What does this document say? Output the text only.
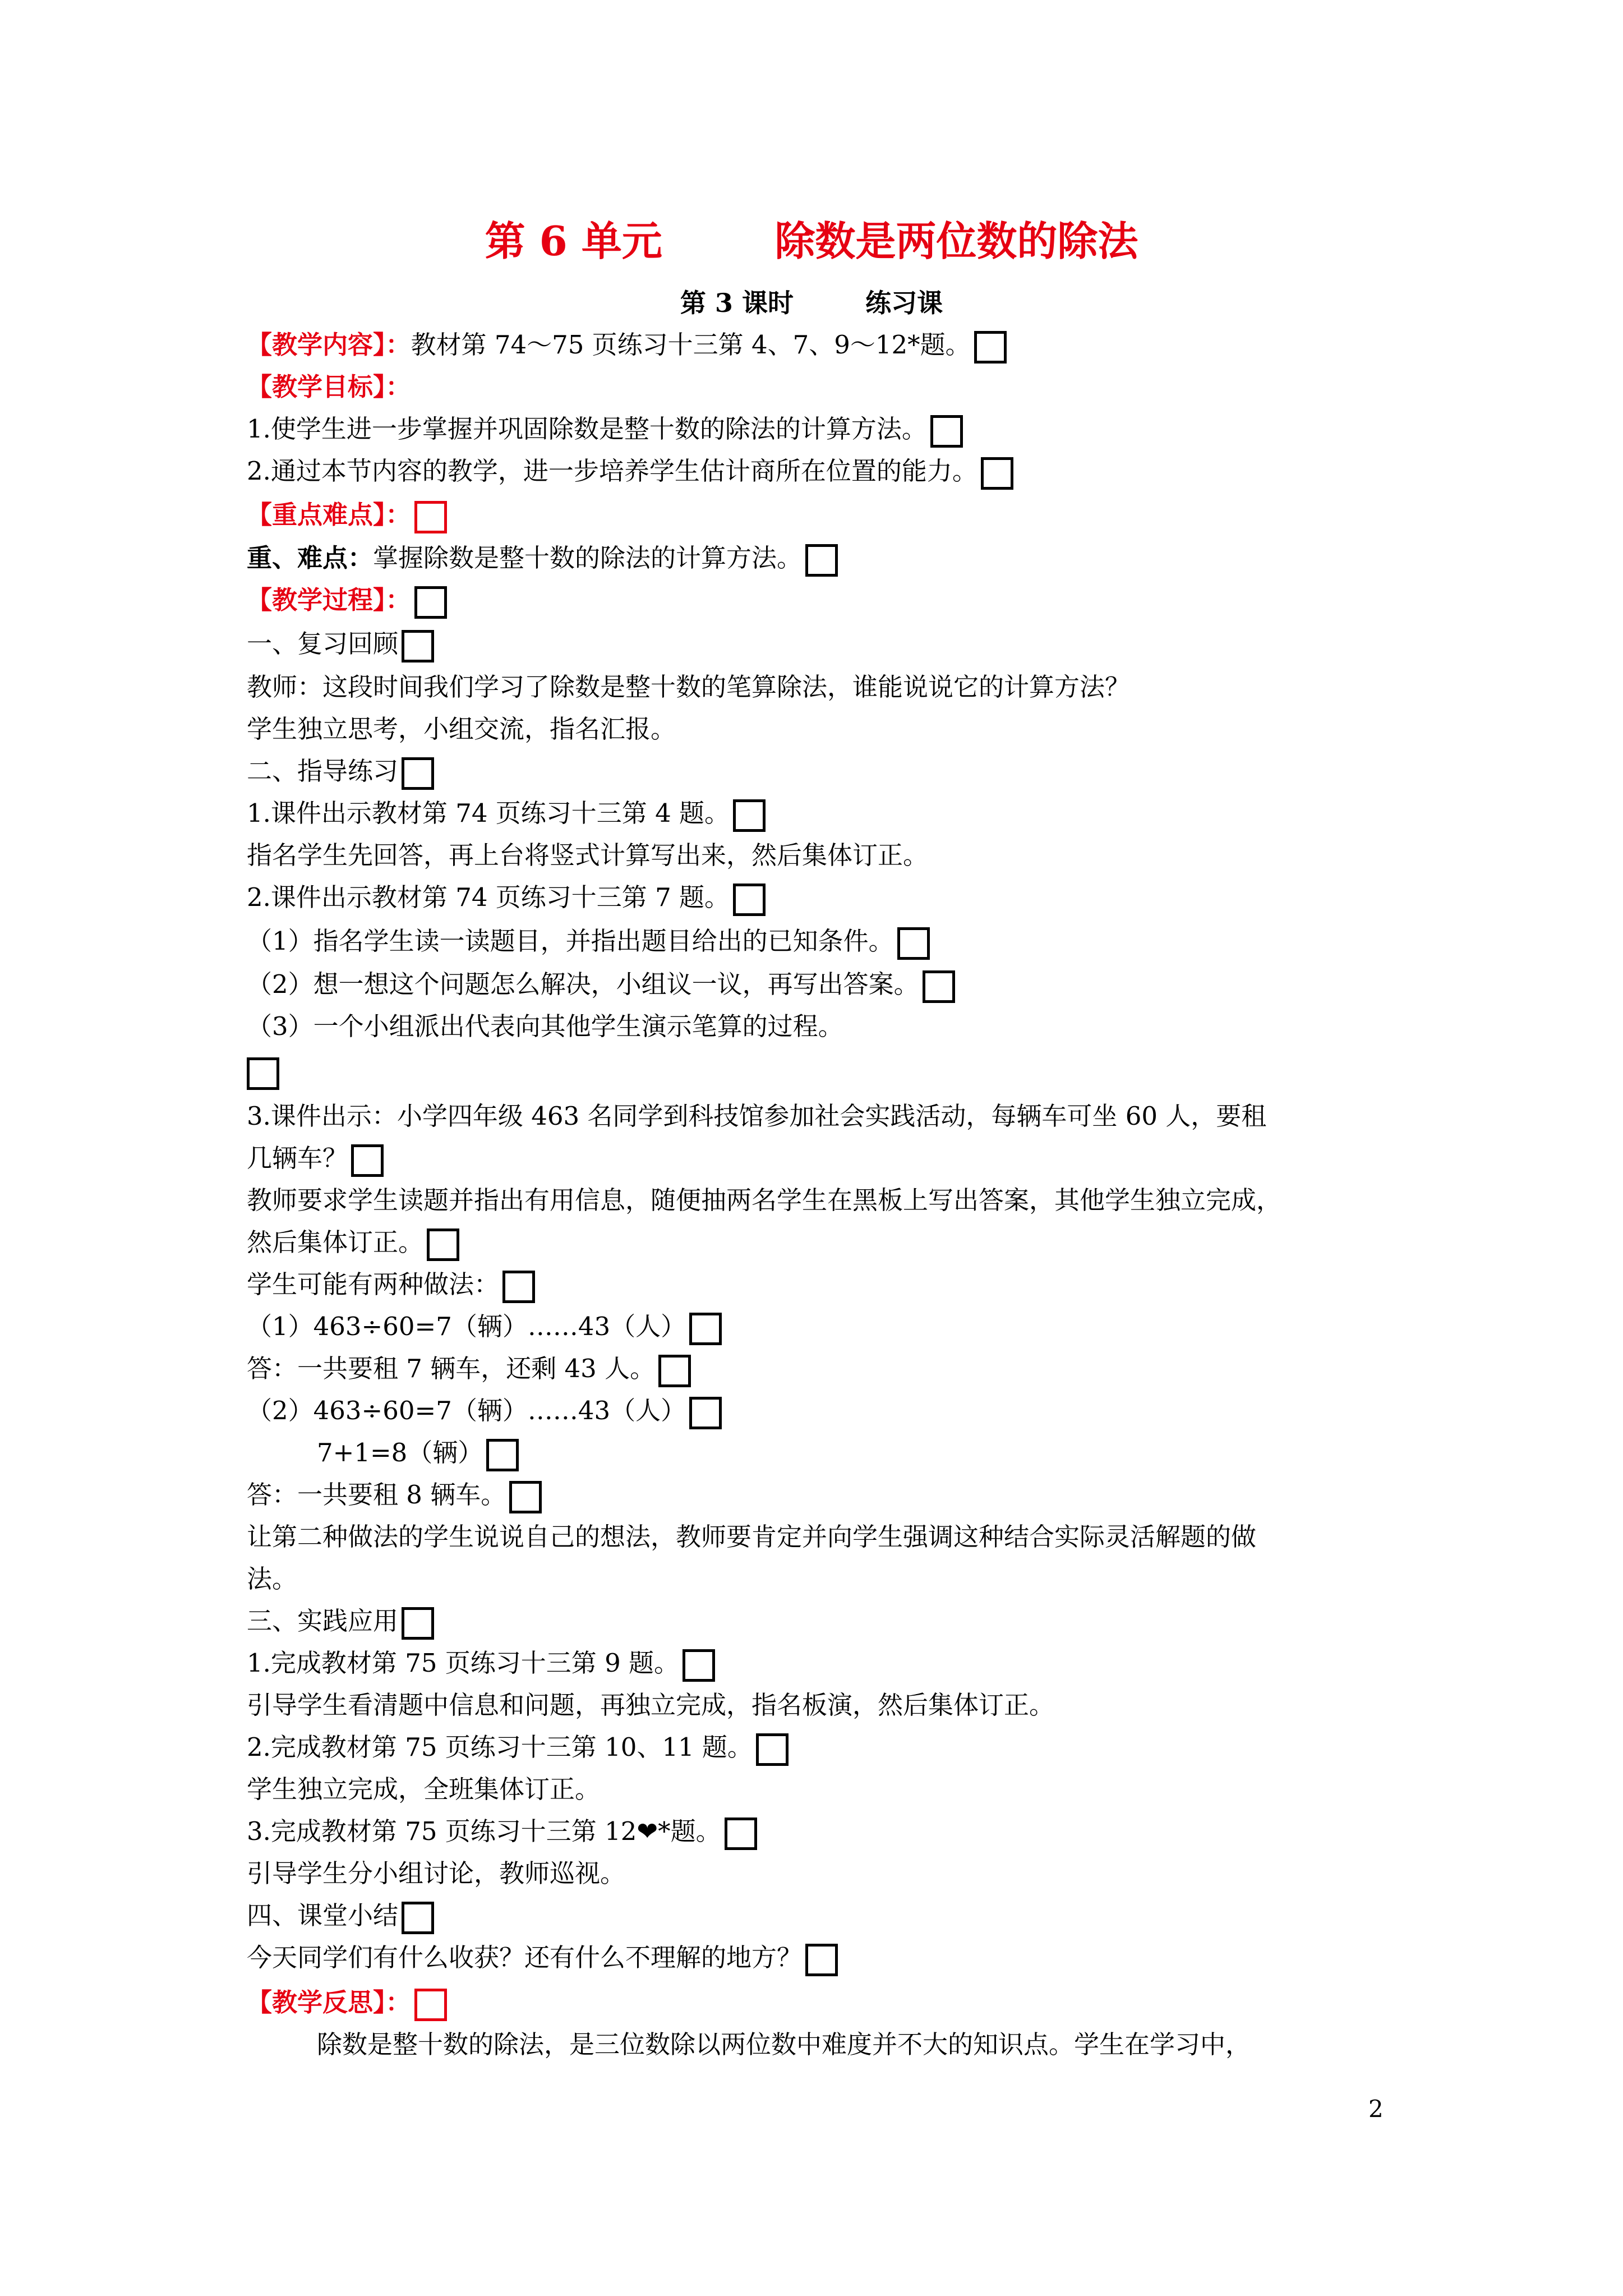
第 6 单元        除数是两位数的除法
第 3 课时        练习课
【教学内容】：教材第 74～75 页练习十三第 4、7、9～12*题。
【教学目标】：
1.使学生进一步掌握并巩固除数是整十数的除法的计算方法。
2.通过本节内容的教学，进一步培养学生估计商所在位置的能力。
【重点难点】：
重、难点：掌握除数是整十数的除法的计算方法。
【教学过程】：
一、复习回顾
教师：这段时间我们学习了除数是整十数的笔算除法，谁能说说它的计算方法？
学生独立思考，小组交流，指名汇报。
二、指导练习
1.课件出示教材第 74 页练习十三第 4 题。
指名学生先回答，再上台将竖式计算写出来，然后集体订正。
2.课件出示教材第 74 页练习十三第 7 题。
（1）指名学生读一读题目，并指出题目给出的已知条件。
（2）想一想这个问题怎么解决，小组议一议，再写出答案。
（3）一个小组派出代表向其他学生演示笔算的过程。
3.课件出示：小学四年级 463 名同学到科技馆参加社会实践活动，每辆车可坐 60 人，要租
几辆车？
教师要求学生读题并指出有用信息，随便抽两名学生在黑板上写出答案，其他学生独立完成，
然后集体订正。
学生可能有两种做法：
（1）463÷60=7（辆）……43（人）
答：一共要租 7 辆车，还剩 43 人。
（2）463÷60=7（辆）……43（人）
7+1=8（辆）
答：一共要租 8 辆车。
让第二种做法的学生说说自己的想法，教师要肯定并向学生强调这种结合实际灵活解题的做
法。
三、实践应用
1.完成教材第 75 页练习十三第 9 题。
引导学生看清题中信息和问题，再独立完成，指名板演，然后集体订正。
2.完成教材第 75 页练习十三第 10、11 题。
学生独立完成，全班集体订正。
3.完成教材第 75 页练习十三第 12❤*题。
引导学生分小组讨论，教师巡视。
四、课堂小结
今天同学们有什么收获？还有什么不理解的地方？
【教学反思】：
除数是整十数的除法，是三位数除以两位数中难度并不大的知识点。学生在学习中，
2
